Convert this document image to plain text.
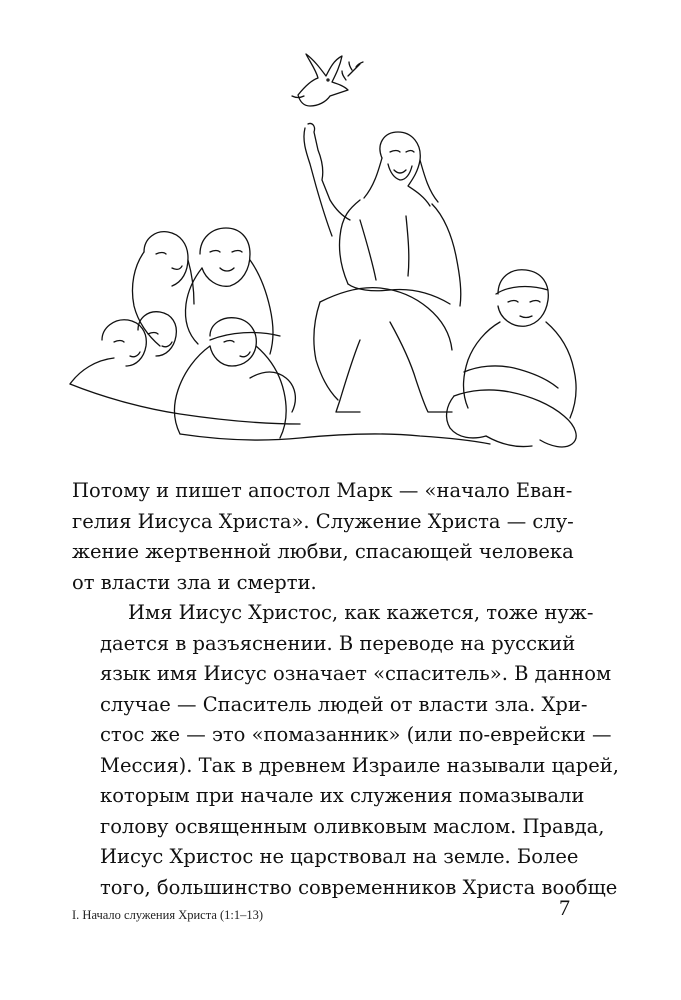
Потому и пишет апостол Марк — «начало Еван-
гелия Иисуса Христа». Служение Христа — слу-
жение жертвенной любви, спасающей человека
от власти зла и смерти.

Имя Иисус Христос, как кажется, тоже нуж-
дается в разъяснении. В переводе на русский
язык имя Иисус означает «спаситель». В данном
случае — Спаситель людей от власти зла. Хри-
стос же — это «помазанник» (или по-еврейски —
Мессия). Так в древнем Израиле называли царей,
которым при начале их служения помазывали
голову освященным оливковым маслом. Правда,
Иисус Христос не царствовал на земле. Более
того, большинство современников Христа вообще

I. Начало служения Христа (1:1–13)	7
